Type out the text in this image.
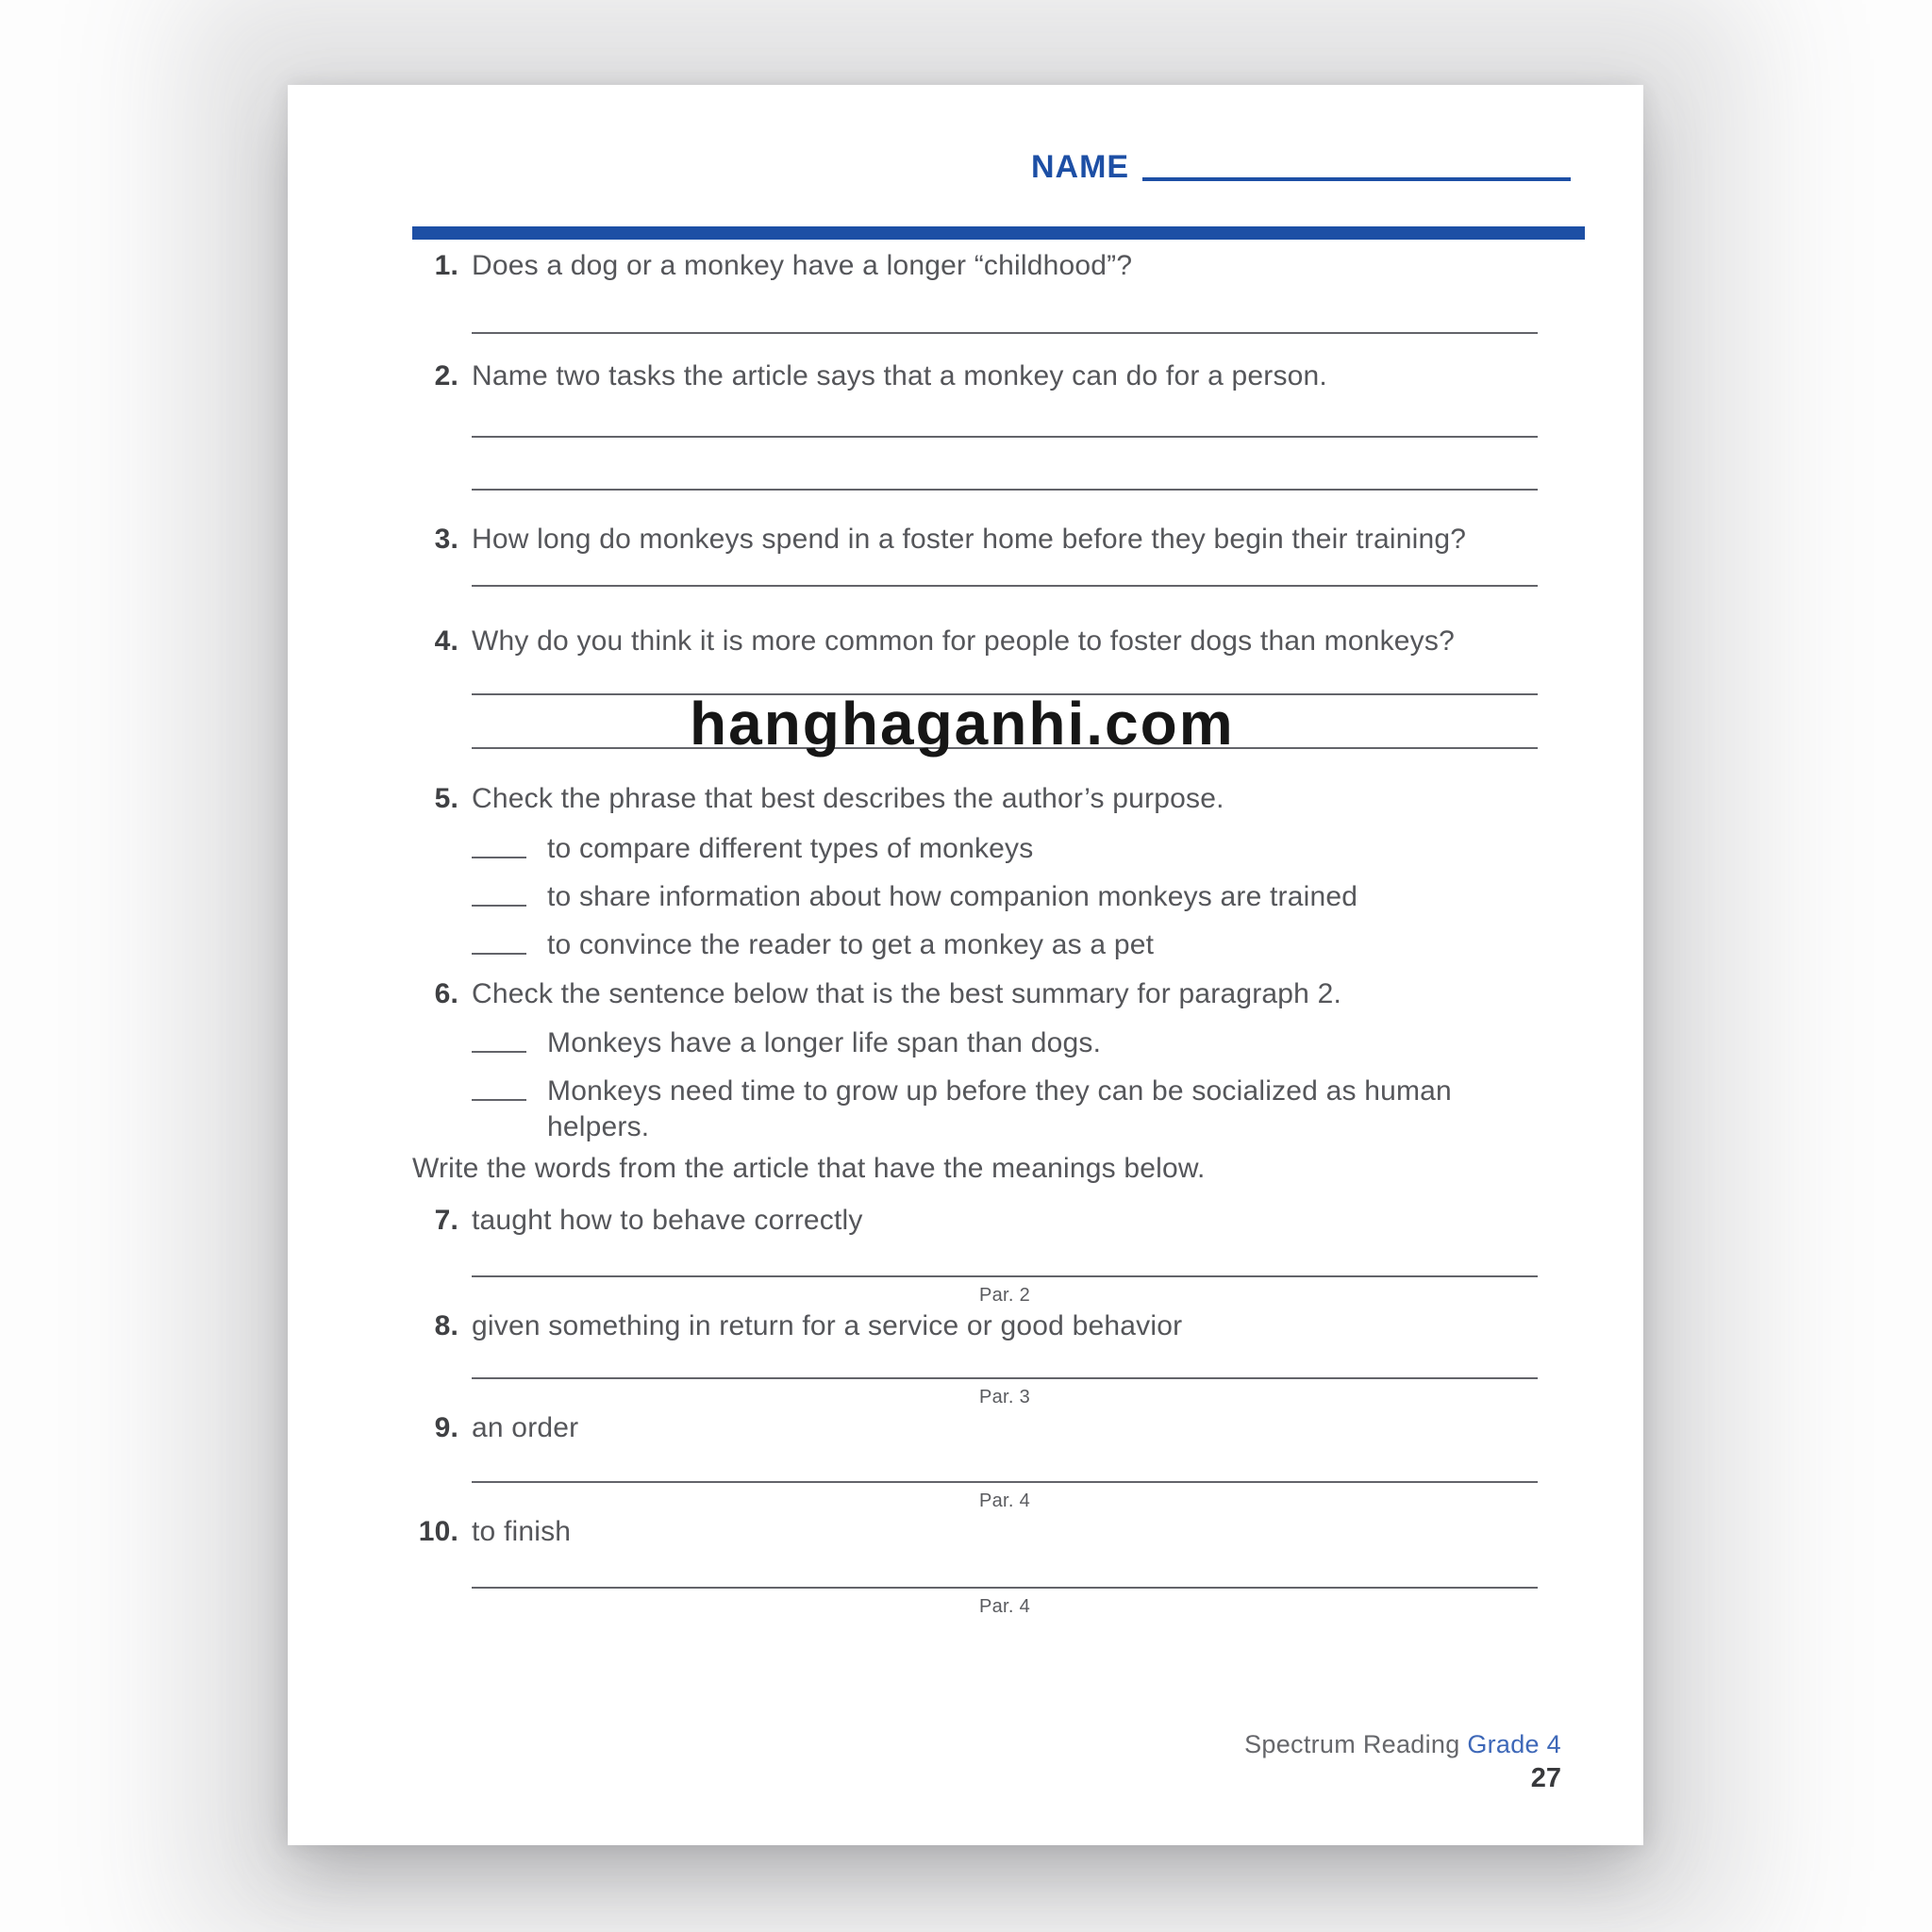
NAME
1. Does a dog or a monkey have a longer “childhood”?
2. Name two tasks the article says that a monkey can do for a person.
3. How long do monkeys spend in a foster home before they begin their training?
4. Why do you think it is more common for people to foster dogs than monkeys?
hanghaganhi.com
5. Check the phrase that best describes the author’s purpose.
to compare different types of monkeys
to share information about how companion monkeys are trained
to convince the reader to get a monkey as a pet
6. Check the sentence below that is the best summary for paragraph 2.
Monkeys have a longer life span than dogs.
Monkeys need time to grow up before they can be socialized as human helpers.
Write the words from the article that have the meanings below.
7. taught how to behave correctly
Par. 2
8. given something in return for a service or good behavior
Par. 3
9. an order
Par. 4
10. to finish
Par. 4
Spectrum Reading Grade 4
27
